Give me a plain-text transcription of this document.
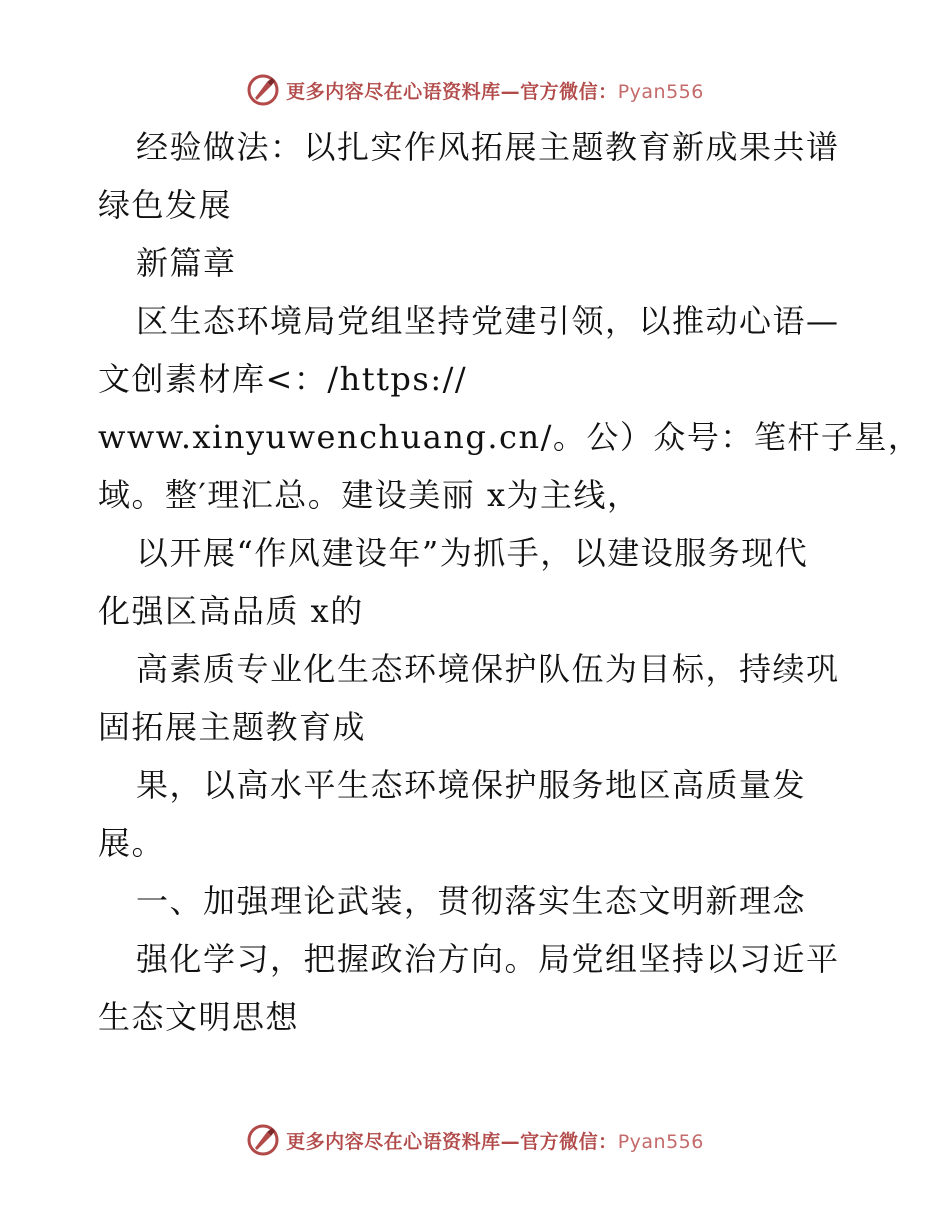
更多内容尽在心语资料库—官方微信：Pyan556

经验做法：以扎实作风拓展主题教育新成果共谱

绿色发展

新篇章

区生态环境局党组坚持党建引领，以推动心语—

文创素材库<：/https://

www.xinyuwenchuang.cn/。公）众号：笔杆子星，

域。整′理汇总。建设美丽 x为主线，

以开展“作风建设年”为抓手，以建设服务现代

化强区高品质 x的

高素质专业化生态环境保护队伍为目标，持续巩

固拓展主题教育成

果，以高水平生态环境保护服务地区高质量发

展。

一、加强理论武装，贯彻落实生态文明新理念

强化学习，把握政治方向。局党组坚持以习近平

生态文明思想

更多内容尽在心语资料库—官方微信：Pyan556
